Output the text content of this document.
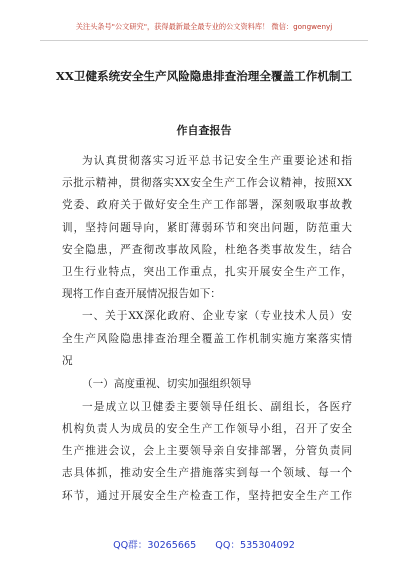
关注头条号"公文研究"，获得最新最全最专业的公文资料库！ 微信：gongwenyj
XX卫健系统安全生产风险隐患排查治理全覆盖工作机制工
作自查报告

为认真贯彻落实习近平总书记安全生产重要论述和指
示批示精神，贯彻落实XX安全生产工作会议精神，按照XX
党委、政府关于做好安全生产工作部署，深刻吸取事故教
训，坚持问题导向，紧盯薄弱环节和突出问题，防范重大
安全隐患，严查彻改事故风险，杜绝各类事故发生，结合
卫生行业特点，突出工作重点，扎实开展安全生产工作，
现将工作自查开展情况报告如下：

一、关于XX深化政府、企业专家（专业技术人员）安
全生产风险隐患排查治理全覆盖工作机制实施方案落实情
况

（一）高度重视、切实加强组织领导

一是成立以卫健委主要领导任组长、副组长，各医疗
机构负责人为成员的安全生产工作领导小组，召开了安全
生产推进会议，会上主要领导亲自安排部署，分管负责同
志具体抓，推动安全生产措施落实到每一个领域、每一个
环节，通过开展安全生产检查工作，坚持把安全生产工作

QQ群：30265665 QQ：535304092
